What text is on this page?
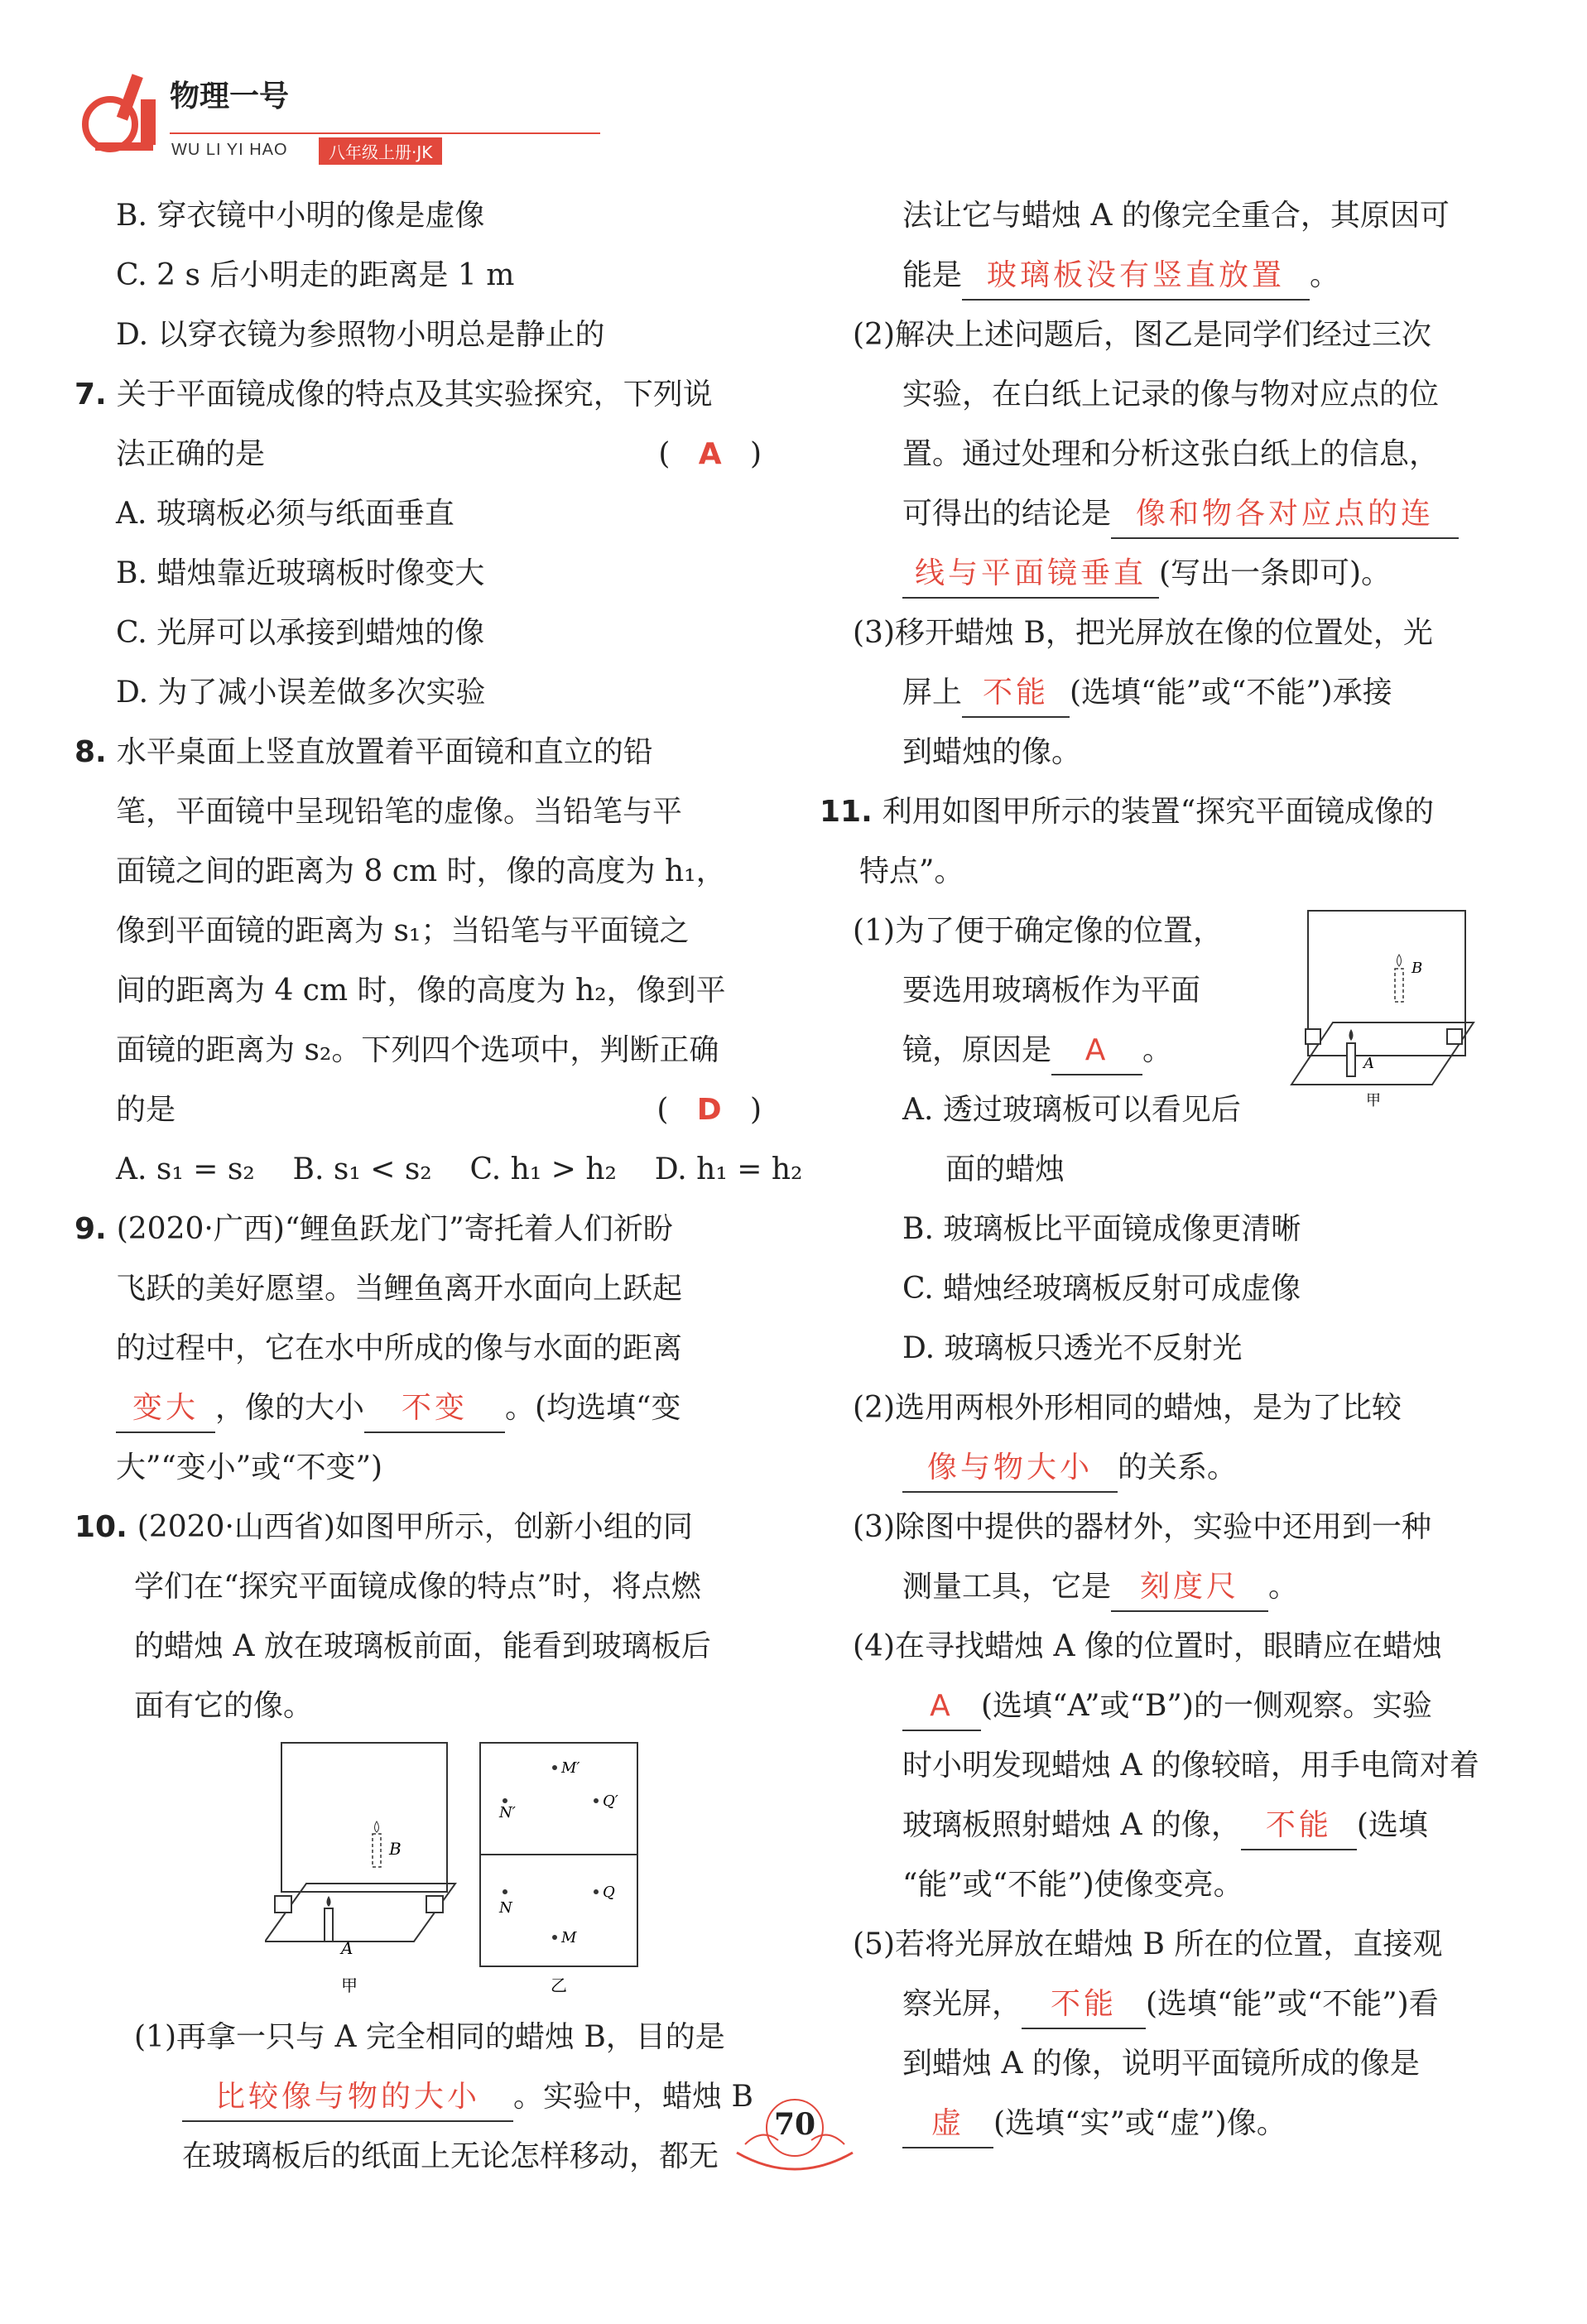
物理一号
WU LI YI HAO	八年级上册·JK
B. 穿衣镜中小明的像是虚像
C. 2 s 后小明走的距离是 1 m
D. 以穿衣镜为参照物小明总是静止的
7. 关于平面镜成像的特点及其实验探究，下列说
法正确的是	(   A   )
A. 玻璃板必须与纸面垂直
B. 蜡烛靠近玻璃板时像变大
C. 光屏可以承接到蜡烛的像
D. 为了减小误差做多次实验
8. 水平桌面上竖直放置着平面镜和直立的铅
笔，平面镜中呈现铅笔的虚像。当铅笔与平
面镜之间的距离为 8 cm 时，像的高度为 h₁，
像到平面镜的距离为 s₁；当铅笔与平面镜之
间的距离为 4 cm 时，像的高度为 h₂，像到平
面镜的距离为 s₂。下列四个选项中，判断正确
的是	(   D   )
A. s₁ = s₂    B. s₁ < s₂    C. h₁ > h₂    D. h₁ = h₂
9. (2020·广西)“鲤鱼跃龙门”寄托着人们祈盼
飞跃的美好愿望。当鲤鱼离开水面向上跃起
的过程中，它在水中所成的像与水面的距离
变大 ，像的大小 不变 。(均选填“变
大”“变小”或“不变”)
10. (2020·山西省)如图甲所示，创新小组的同
学们在“探究平面镜成像的特点”时，将点燃
的蜡烛 A 放在玻璃板前面，能看到玻璃板后
面有它的像。
A
B
甲
M′
N′
Q′
N
Q
M
乙
(1)再拿一只与 A 完全相同的蜡烛 B，目的是
比较像与物的大小 。实验中，蜡烛 B
在玻璃板后的纸面上无论怎样移动，都无
法让它与蜡烛 A 的像完全重合，其原因可
能是 玻璃板没有竖直放置 。
(2)解决上述问题后，图乙是同学们经过三次
实验，在白纸上记录的像与物对应点的位
置。通过处理和分析这张白纸上的信息，
可得出的结论是 像和物各对应点的连
线与平面镜垂直 (写出一条即可)。
(3)移开蜡烛 B，把光屏放在像的位置处，光
屏上 不能 (选填“能”或“不能”)承接
到蜡烛的像。
11. 利用如图甲所示的装置“探究平面镜成像的
特点”。
(1)为了便于确定像的位置，
要选用玻璃板作为平面
镜，原因是 A 。
A. 透过玻璃板可以看见后
面的蜡烛
B. 玻璃板比平面镜成像更清晰
C. 蜡烛经玻璃板反射可成虚像
D. 玻璃板只透光不反射光
(2)选用两根外形相同的蜡烛，是为了比较
像与物大小 的关系。
(3)除图中提供的器材外，实验中还用到一种
测量工具，它是 刻度尺 。
(4)在寻找蜡烛 A 像的位置时，眼睛应在蜡烛
A (选填“A”或“B”)的一侧观察。实验
时小明发现蜡烛 A 的像较暗，用手电筒对着
玻璃板照射蜡烛 A 的像， 不能 (选填
“能”或“不能”)使像变亮。
(5)若将光屏放在蜡烛 B 所在的位置，直接观
察光屏， 不能 (选填“能”或“不能”)看
到蜡烛 A 的像，说明平面镜所成的像是
虚 (选填“实”或“虚”)像。
A
B
甲
70
